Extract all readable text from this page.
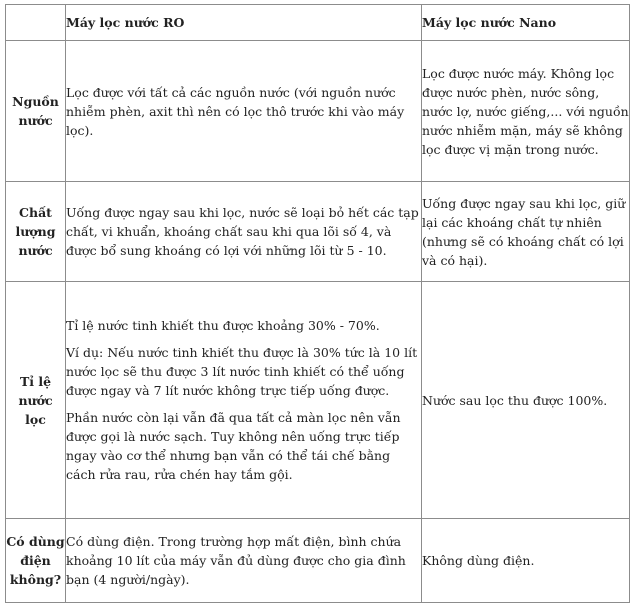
	Máy lọc nước RO	Máy lọc nước Nano
Nguồn nước	Lọc được với tất cả các nguồn nước (với nguồn nước nhiễm phèn, axit thì nên có lọc thô trước khi vào máy lọc).	Lọc được nước máy. Không lọc được nước phèn, nước sông, nước lợ, nước giếng,... với nguồn nước nhiễm mặn, máy sẽ không lọc được vị mặn trong nước.

Chất lượng nước	Uống được ngay sau khi lọc, nước sẽ loại bỏ hết các tạp chất, vi khuẩn, khoáng chất sau khi qua lõi số 4, và được bổ sung khoáng có lợi với những lõi từ 5 - 10.	Uống được ngay sau khi lọc, giữ lại các khoáng chất tự nhiên (nhưng sẽ có khoáng chất có lợi và có hại).

Tỉ lệ nước lọc	Tỉ lệ nước tinh khiết thu được khoảng 30% - 70%.

Ví dụ: Nếu nước tinh khiết thu được là 30% tức là 10 lít nước lọc sẽ thu được 3 lít nước tinh khiết có thể uống được ngay và 7 lít nước không trực tiếp uống được.

Phần nước còn lại vẫn đã qua tất cả màn lọc nên vẫn được gọi là nước sạch. Tuy không nên uống trực tiếp ngay vào cơ thể nhưng bạn vẫn có thể tái chế bằng cách rửa rau, rửa chén hay tắm gội.	Nước sau lọc thu được 100%.

Có dùng điện không?	Có dùng điện. Trong trường hợp mất điện, bình chứa khoảng 10 lít của máy vẫn đủ dùng được cho gia đình bạn (4 người/ngày).	Không dùng điện.
